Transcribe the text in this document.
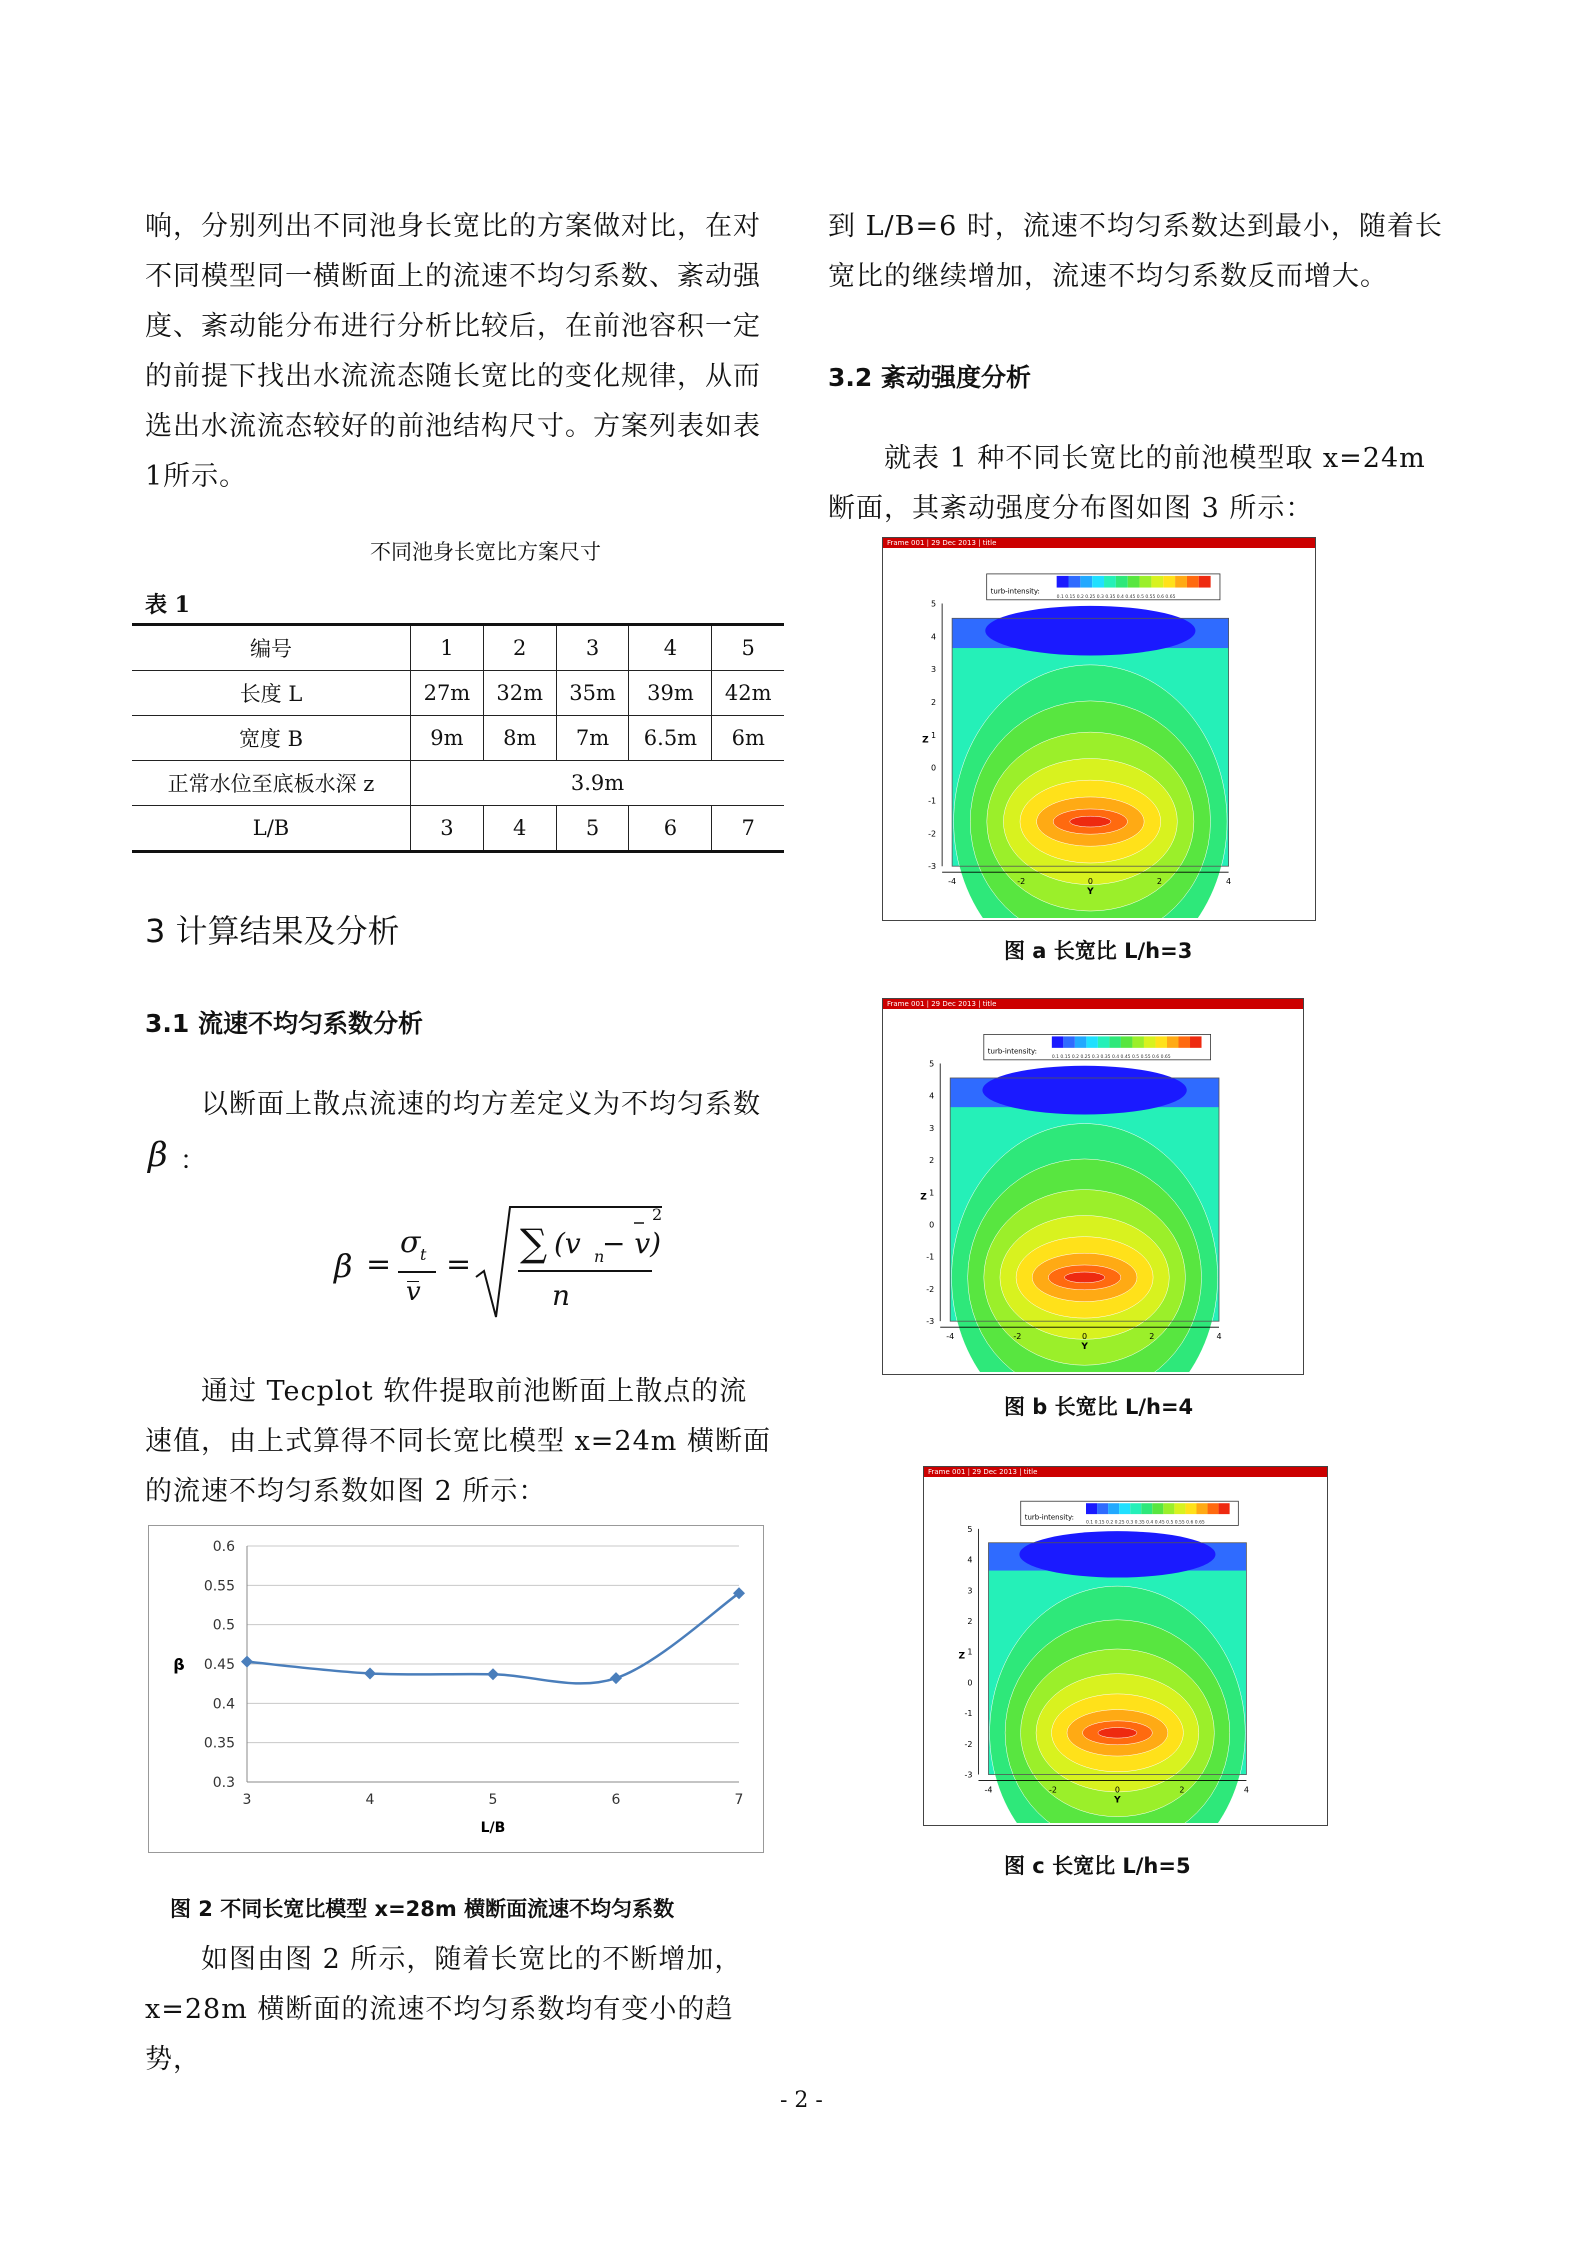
响，分别列出不同池身长宽比的方案做对比，在对不同模型同一横断面上的流速不均匀系数、紊动强度、紊动能分布进行分析比较后，在前池容积一定的前提下找出水流流态随长宽比的变化规律，从而选出水流流态较好的前池结构尺寸。方案列表如表1所示。
不同池身长宽比方案尺寸
表 1
编号	1	2	3	4	5
长度 L	27m	32m	35m	39m	42m
宽度 B	9m	8m	7m	6.5m	6m
正常水位至底板水深 z	3.9m				
L/B	3	4	5	6	7
3 计算结果及分析
3.1 流速不均匀系数分析
以断面上散点流速的均方差定义为不均匀系数
β ：
β =
σ t
v
= ∑ (v n
− v)
2
n
通过 Tecplot 软件提取前池断面上散点的流速值，由上式算得不同长宽比模型 x=24m 横断面的流速不均匀系数如图 2 所示：
0.3
0.35
0.4
0.45
0.5
0.55
0.6
3	4	5	6	7
L/B
β
图 2 不同长宽比模型 x=28m 横断面流速不均匀系数
如图由图 2 所示，随着长宽比的不断增加，x=28m 横断面的流速不均匀系数均有变小的趋势，
到 L/B=6 时，流速不均匀系数达到最小，随着长宽比的继续增加，流速不均匀系数反而增大。
3.2 紊动强度分析
就表 1 种不同长宽比的前池模型取 x=24m 断面，其紊动强度分布图如图 3 所示：
Frame 001 | 29 Dec 2013 | title
turb-intensity:
0.1 0.15 0.2 0.25 0.3 0.35 0.4 0.45 0.5 0.55 0.6 0.65
5
4
3
2
1
0
-1
-2
-3
-4	-2	0	2	4
Z
Y
图 a 长宽比 L/h=3
Frame 001 | 29 Dec 2013 | title
turb-intensity:
0.1 0.15 0.2 0.25 0.3 0.35 0.4 0.45 0.5 0.55 0.6 0.65
5
4
3
2
1
0
-1
-2
-3
-4	-2	0	2	4
Z
Y
图 b 长宽比 L/h=4
Frame 001 | 29 Dec 2013 | title
turb-intensity:
0.1 0.15 0.2 0.25 0.3 0.35 0.4 0.45 0.5 0.55 0.6 0.65
5
4
3
2
1
0
-1
-2
-3
-4	-2	0	2	4
Z
Y
图 c 长宽比 L/h=5
- 2 -
